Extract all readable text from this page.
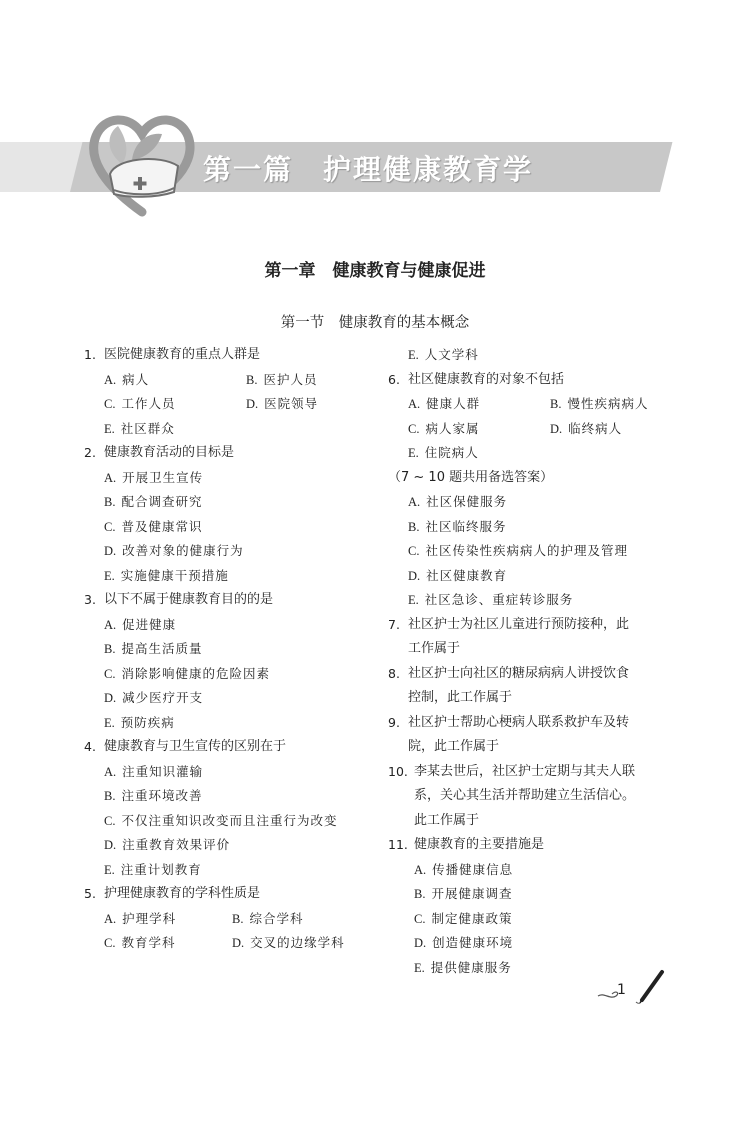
第一篇　护理健康教育学
第一章　健康教育与健康促进
第一节　健康教育的基本概念
1. 医院健康教育的重点人群是
A. 病人	B. 医护人员
C. 工作人员	D. 医院领导
E. 社区群众
2. 健康教育活动的目标是
A. 开展卫生宣传
B. 配合调查研究
C. 普及健康常识
D. 改善对象的健康行为
E. 实施健康干预措施
3. 以下不属于健康教育目的的是
A. 促进健康
B. 提高生活质量
C. 消除影响健康的危险因素
D. 减少医疗开支
E. 预防疾病
4. 健康教育与卫生宣传的区别在于
A. 注重知识灌输
B. 注重环境改善
C. 不仅注重知识改变而且注重行为改变
D. 注重教育效果评价
E. 注重计划教育
5. 护理健康教育的学科性质是
A. 护理学科	B. 综合学科
C. 教育学科	D. 交叉的边缘学科
E. 人文学科
6. 社区健康教育的对象不包括
A. 健康人群	B. 慢性疾病病人
C. 病人家属	D. 临终病人
E. 住院病人
（7 ~ 10 题共用备选答案）
A. 社区保健服务
B. 社区临终服务
C. 社区传染性疾病病人的护理及管理
D. 社区健康教育
E. 社区急诊、重症转诊服务
7. 社区护士为社区儿童进行预防接种，此
工作属于
8. 社区护士向社区的糖尿病病人讲授饮食
控制，此工作属于
9. 社区护士帮助心梗病人联系救护车及转
院，此工作属于
10. 李某去世后，社区护士定期与其夫人联
系，关心其生活并帮助建立生活信心。
此工作属于
11. 健康教育的主要措施是
A. 传播健康信息
B. 开展健康调查
C. 制定健康政策
D. 创造健康环境
E. 提供健康服务
1
